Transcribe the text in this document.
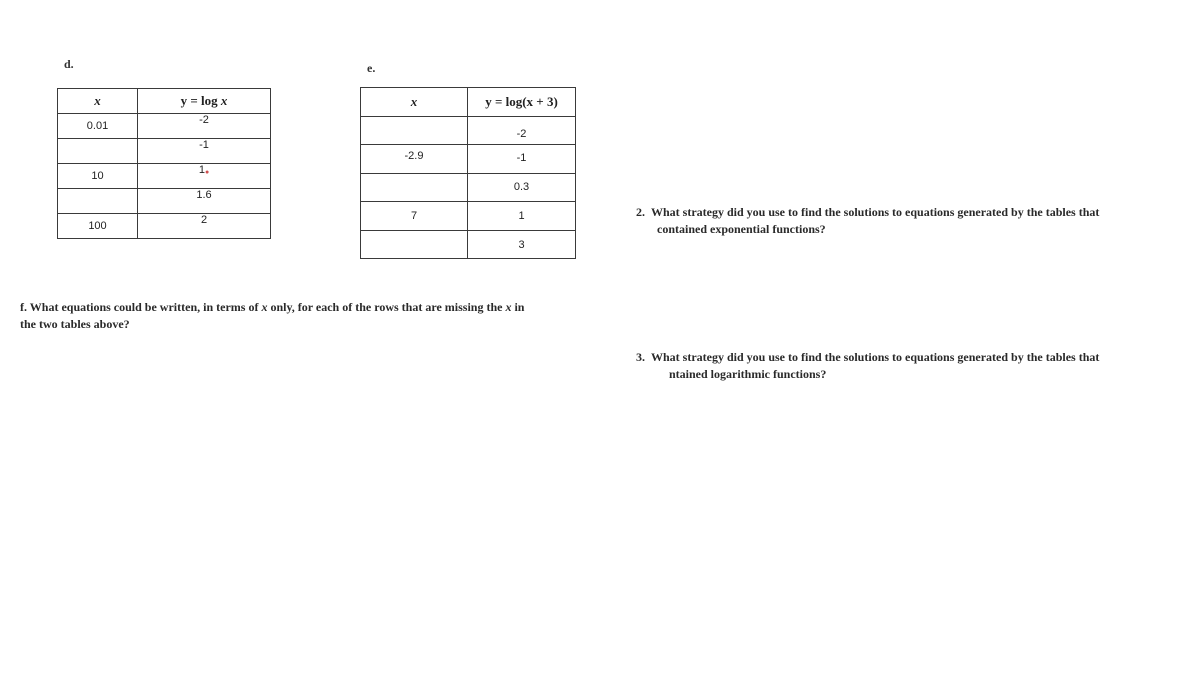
d.
x	y = log x
0.01	-2

	-1

10	1●

	1.6

100	2
e.
x	y = log(x + 3)

	-2

-2.9	-1

	0.3

7	1

	3
f. What equations could be written, in terms of x only, for each of the rows that are missing the x in
the two tables above?
2. What strategy did you use to find the solutions to equations generated by the tables that
contained exponential functions?
3. What strategy did you use to find the solutions to equations generated by the tables that
ntained logarithmic functions?
